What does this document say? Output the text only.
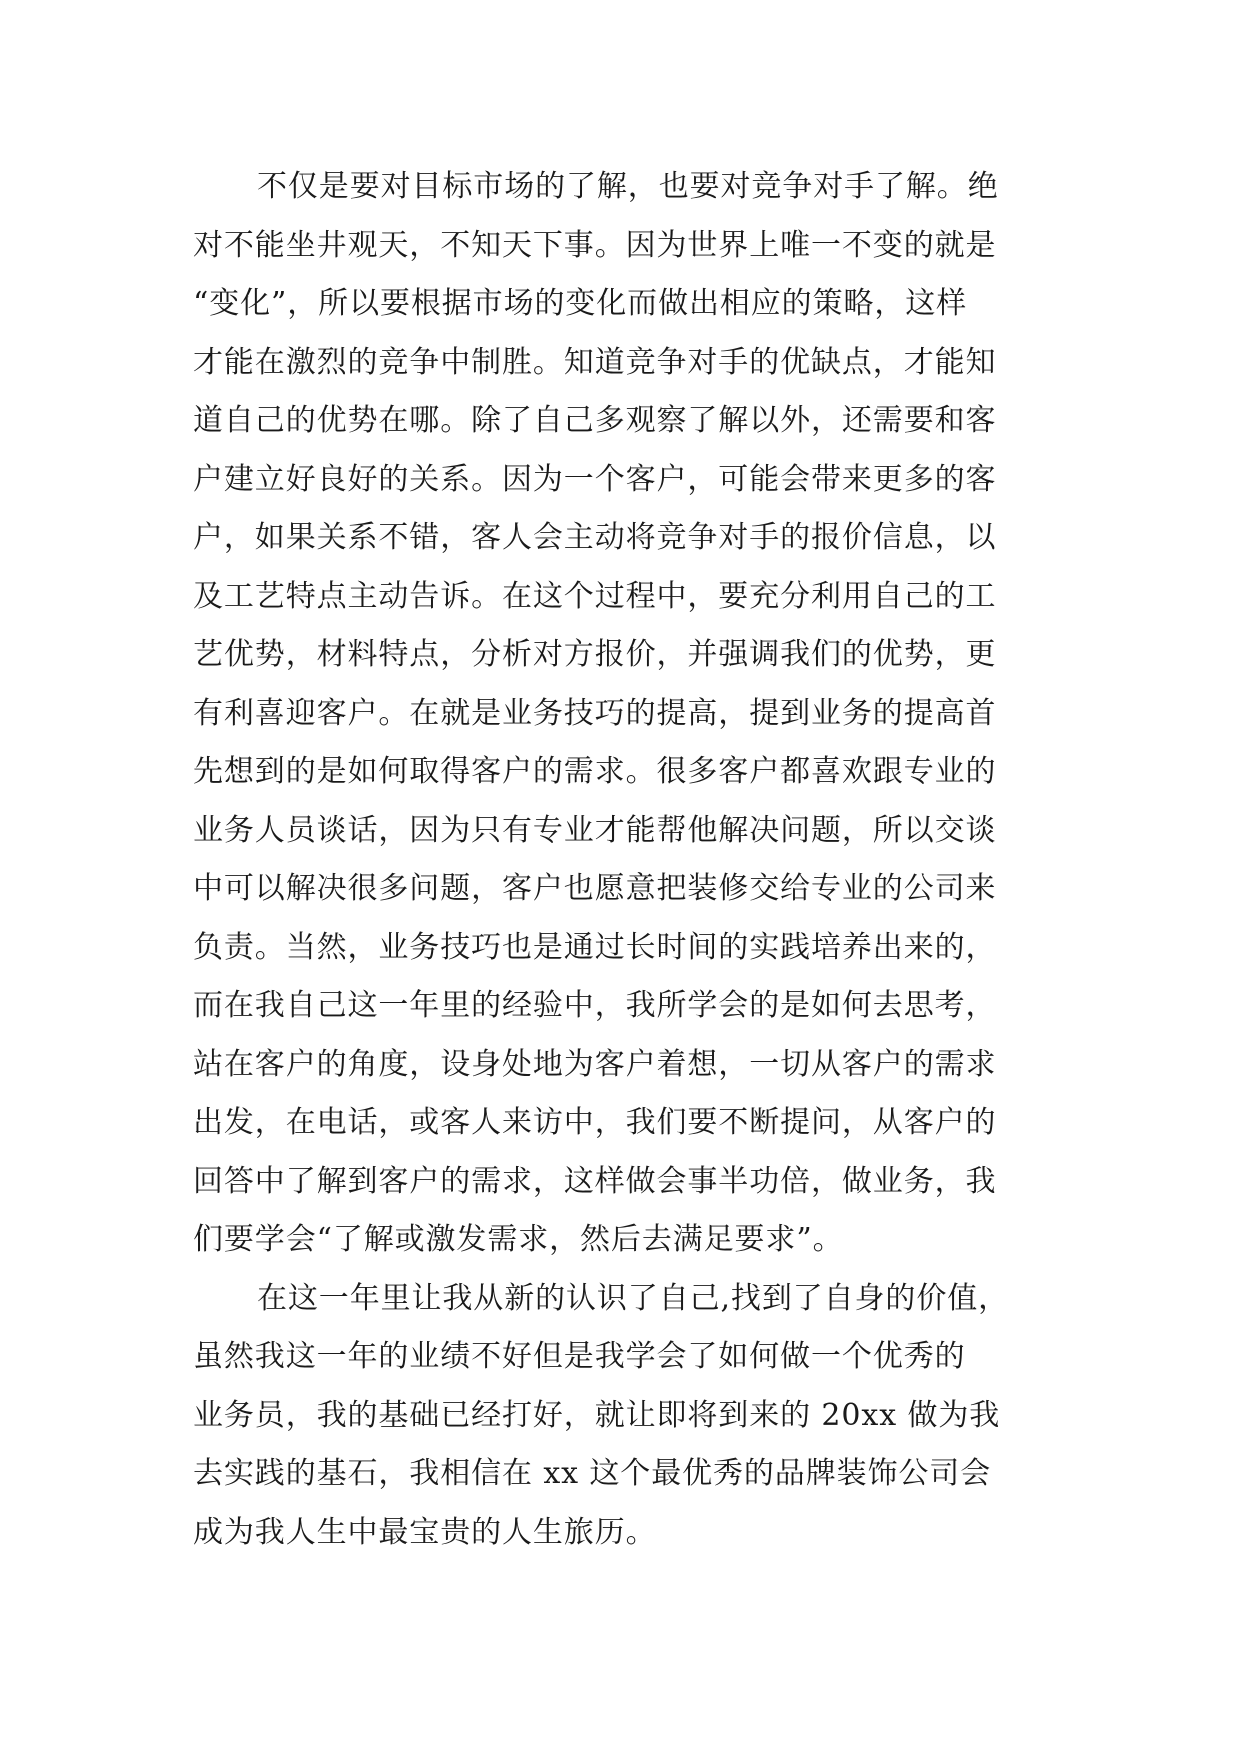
不仅是要对目标市场的了解，也要对竞争对手了解。绝
对不能坐井观天，不知天下事。因为世界上唯一不变的就是
“变化”，所以要根据市场的变化而做出相应的策略，这样
才能在激烈的竞争中制胜。知道竞争对手的优缺点，才能知
道自己的优势在哪。除了自己多观察了解以外，还需要和客
户建立好良好的关系。因为一个客户，可能会带来更多的客
户，如果关系不错，客人会主动将竞争对手的报价信息，以
及工艺特点主动告诉。在这个过程中，要充分利用自己的工
艺优势，材料特点，分析对方报价，并强调我们的优势，更
有利喜迎客户。在就是业务技巧的提高，提到业务的提高首
先想到的是如何取得客户的需求。很多客户都喜欢跟专业的
业务人员谈话，因为只有专业才能帮他解决问题，所以交谈
中可以解决很多问题，客户也愿意把装修交给专业的公司来
负责。当然，业务技巧也是通过长时间的实践培养出来的，
而在我自己这一年里的经验中，我所学会的是如何去思考，
站在客户的角度，设身处地为客户着想，一切从客户的需求
出发，在电话，或客人来访中，我们要不断提问，从客户的
回答中了解到客户的需求，这样做会事半功倍，做业务，我
们要学会“了解或激发需求，然后去满足要求”。
在这一年里让我从新的认识了自己,找到了自身的价值，
虽然我这一年的业绩不好但是我学会了如何做一个优秀的
业务员，我的基础已经打好，就让即将到来的 20xx 做为我
去实践的基石，我相信在 xx 这个最优秀的品牌装饰公司会
成为我人生中最宝贵的人生旅历。
